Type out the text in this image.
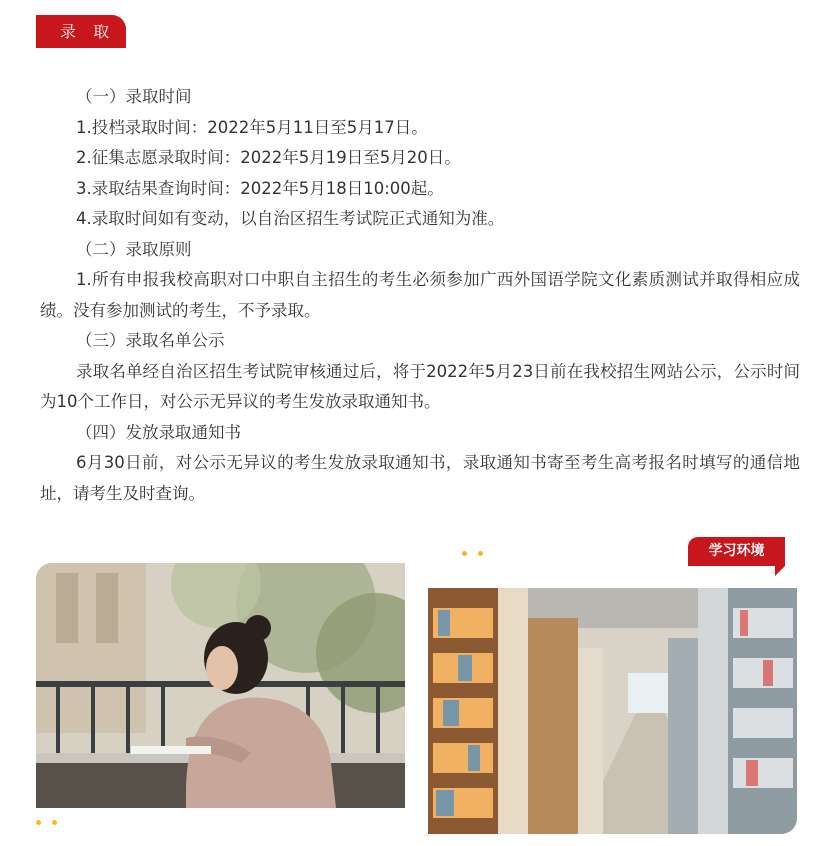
录 取

（一）录取时间

1.投档录取时间：2022年5月11日至5月17日。

2.征集志愿录取时间：2022年5月19日至5月20日。

3.录取结果查询时间：2022年5月18日10:00起。

4.录取时间如有变动，以自治区招生考试院正式通知为准。

（二）录取原则

1.所有申报我校高职对口中职自主招生的考生必须参加广西外国语学院文化素质测试并取得相应成绩。没有参加测试的考生，不予录取。

（三）录取名单公示

录取名单经自治区招生考试院审核通过后，将于2022年5月23日前在我校招生网站公示，公示时间为10个工作日，对公示无异议的考生发放录取通知书。

（四）发放录取通知书

6月30日前，对公示无异议的考生发放录取通知书，录取通知书寄至考生高考报名时填写的通信地址，请考生及时查询。

学习环境
